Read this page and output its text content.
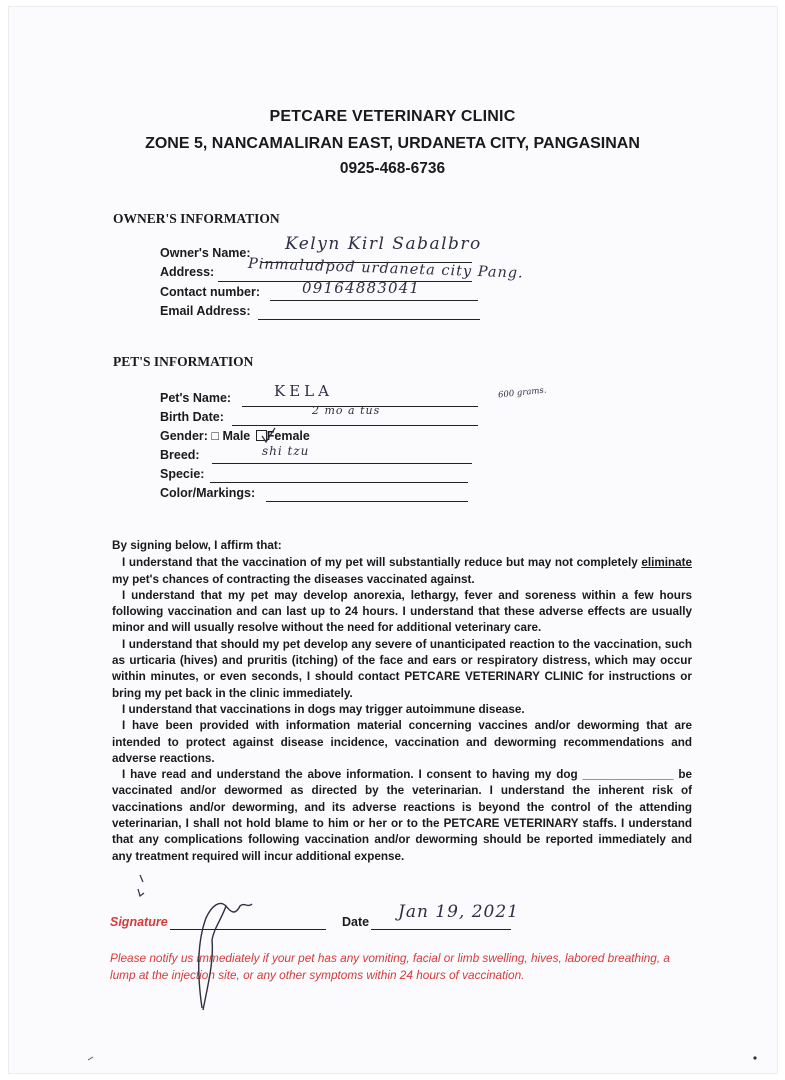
PETCARE VETERINARY CLINIC
ZONE 5, NANCAMALIRAN EAST, URDANETA CITY, PANGASINAN
0925-468-6736
OWNER'S INFORMATION
Owner's Name: Kelyn Kirl Sabalbro
Address: Pinmaludpod urdaneta city Pang.
Contact number:	09164883041
Email Address:
PET'S INFORMATION
600 grams.
Pet's Name:	KELA
Birth Date:	2 mo a tus
Gender: □ Male Female
Breed:	shi tzu
Specie:
Color/Markings:
By signing below, I affirm that:

I understand that the vaccination of my pet will substantially reduce but may not completely eliminate my pet's chances of contracting the diseases vaccinated against.

I understand that my pet may develop anorexia, lethargy, fever and soreness within a few hours following vaccination and can last up to 24 hours. I understand that these adverse effects are usually minor and will usually resolve without the need for additional veterinary care.

I understand that should my pet develop any severe of unanticipated reaction to the vaccination, such as urticaria (hives) and pruritis (itching) of the face and ears or respiratory distress, which may occur within minutes, or even seconds, I should contact PETCARE VETERINARY CLINIC for instructions or bring my pet back in the clinic immediately.

I understand that vaccinations in dogs may trigger autoimmune disease.

I have been provided with information material concerning vaccines and/or deworming that are intended to protect against disease incidence, vaccination and deworming recommendations and adverse reactions.

I have read and understand the above information. I consent to having my dog ______________ be vaccinated and/or dewormed as directed by the veterinarian. I understand the inherent risk of vaccinations and/or deworming, and its adverse reactions is beyond the control of the attending veterinarian, I shall not hold blame to him or her or to the PETCARE VETERINARY staffs. I understand that any complications following vaccination and/or deworming should be reported immediately and any treatment required will incur additional expense.

Signature	Date Jan 19, 2021
Please notify us immediately if your pet has any vomiting, facial or limb swelling, hives, labored breathing, a lump at the injection site, or any other symptoms within 24 hours of vaccination.
